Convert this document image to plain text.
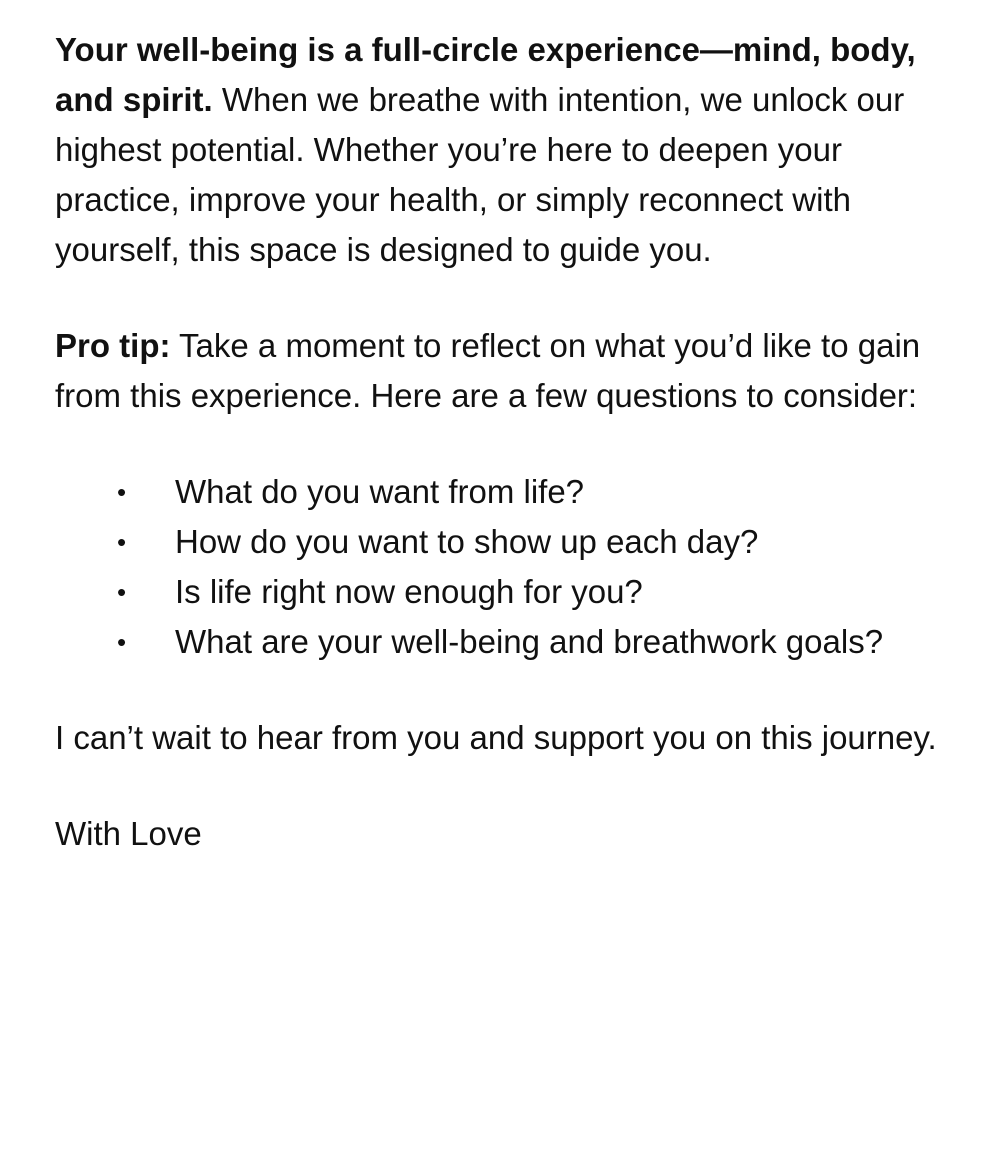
Your well-being is a full-circle experience—mind, body, and spirit. When we breathe with intention, we unlock our highest potential. Whether you’re here to deepen your practice, improve your health, or simply reconnect with yourself, this space is designed to guide you.

Pro tip: Take a moment to reflect on what you’d like to gain from this experience. Here are a few questions to consider:

• What do you want from life?
• How do you want to show up each day?
• Is life right now enough for you?
• What are your well-being and breathwork goals?

I can’t wait to hear from you and support you on this journey.

With Love
